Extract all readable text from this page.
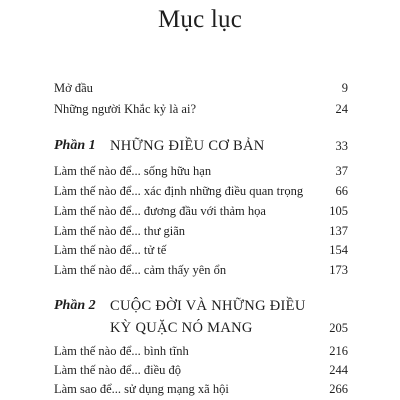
Mục lục
Mở đầu	9
Những người Khắc kỷ là ai?	24
Phần 1 NHỮNG ĐIỀU CƠ BẢN	33
Làm thế nào để... sống hữu hạn	37
Làm thế nào để... xác định những điều quan trọng	66
Làm thế nào để... đương đầu với thảm họa	105
Làm thế nào để... thư giãn	137
Làm thế nào để... tử tế	154
Làm thế nào để... cảm thấy yên ổn	173
Phần 2 CUỘC ĐỜI VÀ NHỮNG ĐIỀU
KỲ QUẶC NÓ MANG	205
Làm thế nào để... bình tĩnh	216
Làm thế nào để... điều độ	244
Làm sao để... sử dụng mạng xã hội	266
